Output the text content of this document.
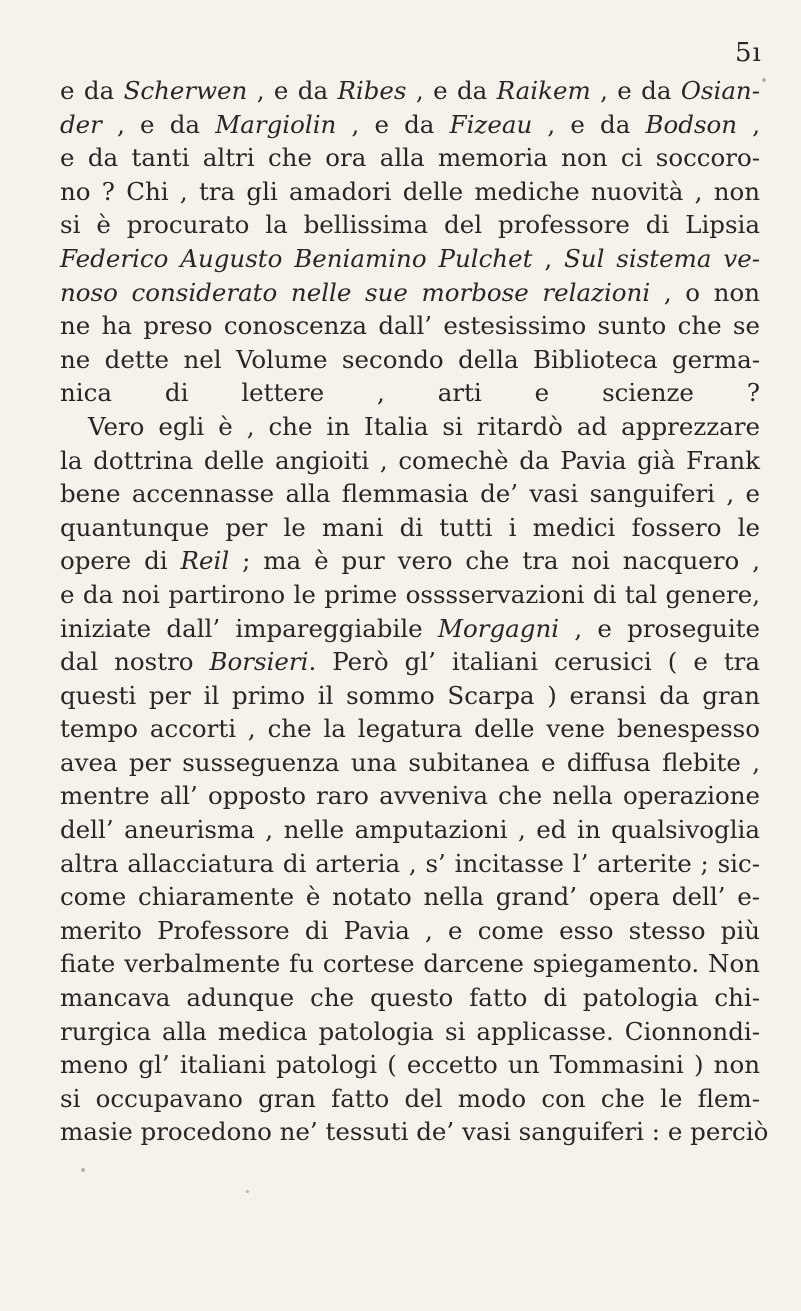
5ı
e da Scherwen , e da Ribes , e da Raikem , e da Osian-
der , e da Margiolin , e da Fizeau , e da Bodson ,
e da tanti altri che ora alla memoria non ci soccoro-
no ? Chi , tra gli amadori delle mediche nuovità , non
si è procurato la bellissima del professore di Lipsia
Federico Augusto Beniamino Pulchet , Sul sistema ve-
noso considerato nelle sue morbose relazioni , o non
ne ha preso conoscenza dall’ estesissimo sunto che se
ne dette nel Volume secondo della Biblioteca germa-
nica di lettere , arti e scienze ?
Vero egli è , che in Italia si ritardò ad apprezzare
la dottrina delle angioiti , comechè da Pavia già Frank
bene accennasse alla flemmasia de’ vasi sanguiferi , e
quantunque per le mani di tutti i medici fossero le
opere di Reil ; ma è pur vero che tra noi nacquero ,
e da noi partirono le prime osssservazioni di tal genere,
iniziate dall’ impareggiabile Morgagni , e proseguite
dal nostro Borsieri. Però gl’ italiani cerusici ( e tra
questi per il primo il sommo Scarpa ) eransi da gran
tempo accorti , che la legatura delle vene benespesso
avea per susseguenza una subitanea e diffusa flebite ,
mentre all’ opposto raro avveniva che nella operazione
dell’ aneurisma , nelle amputazioni , ed in qualsivoglia
altra allacciatura di arteria , s’ incitasse l’ arterite ; sic-
come chiaramente è notato nella grand’ opera dell’ e-
merito Professore di Pavia , e come esso stesso più
fiate verbalmente fu cortese darcene spiegamento. Non
mancava adunque che questo fatto di patologia chi-
rurgica alla medica patologia si applicasse. Cionnondi-
meno gl’ italiani patologi ( eccetto un Tommasini ) non
si occupavano gran fatto del modo con che le flem-
masie procedono ne’ tessuti de’ vasi sanguiferi : e perciò
